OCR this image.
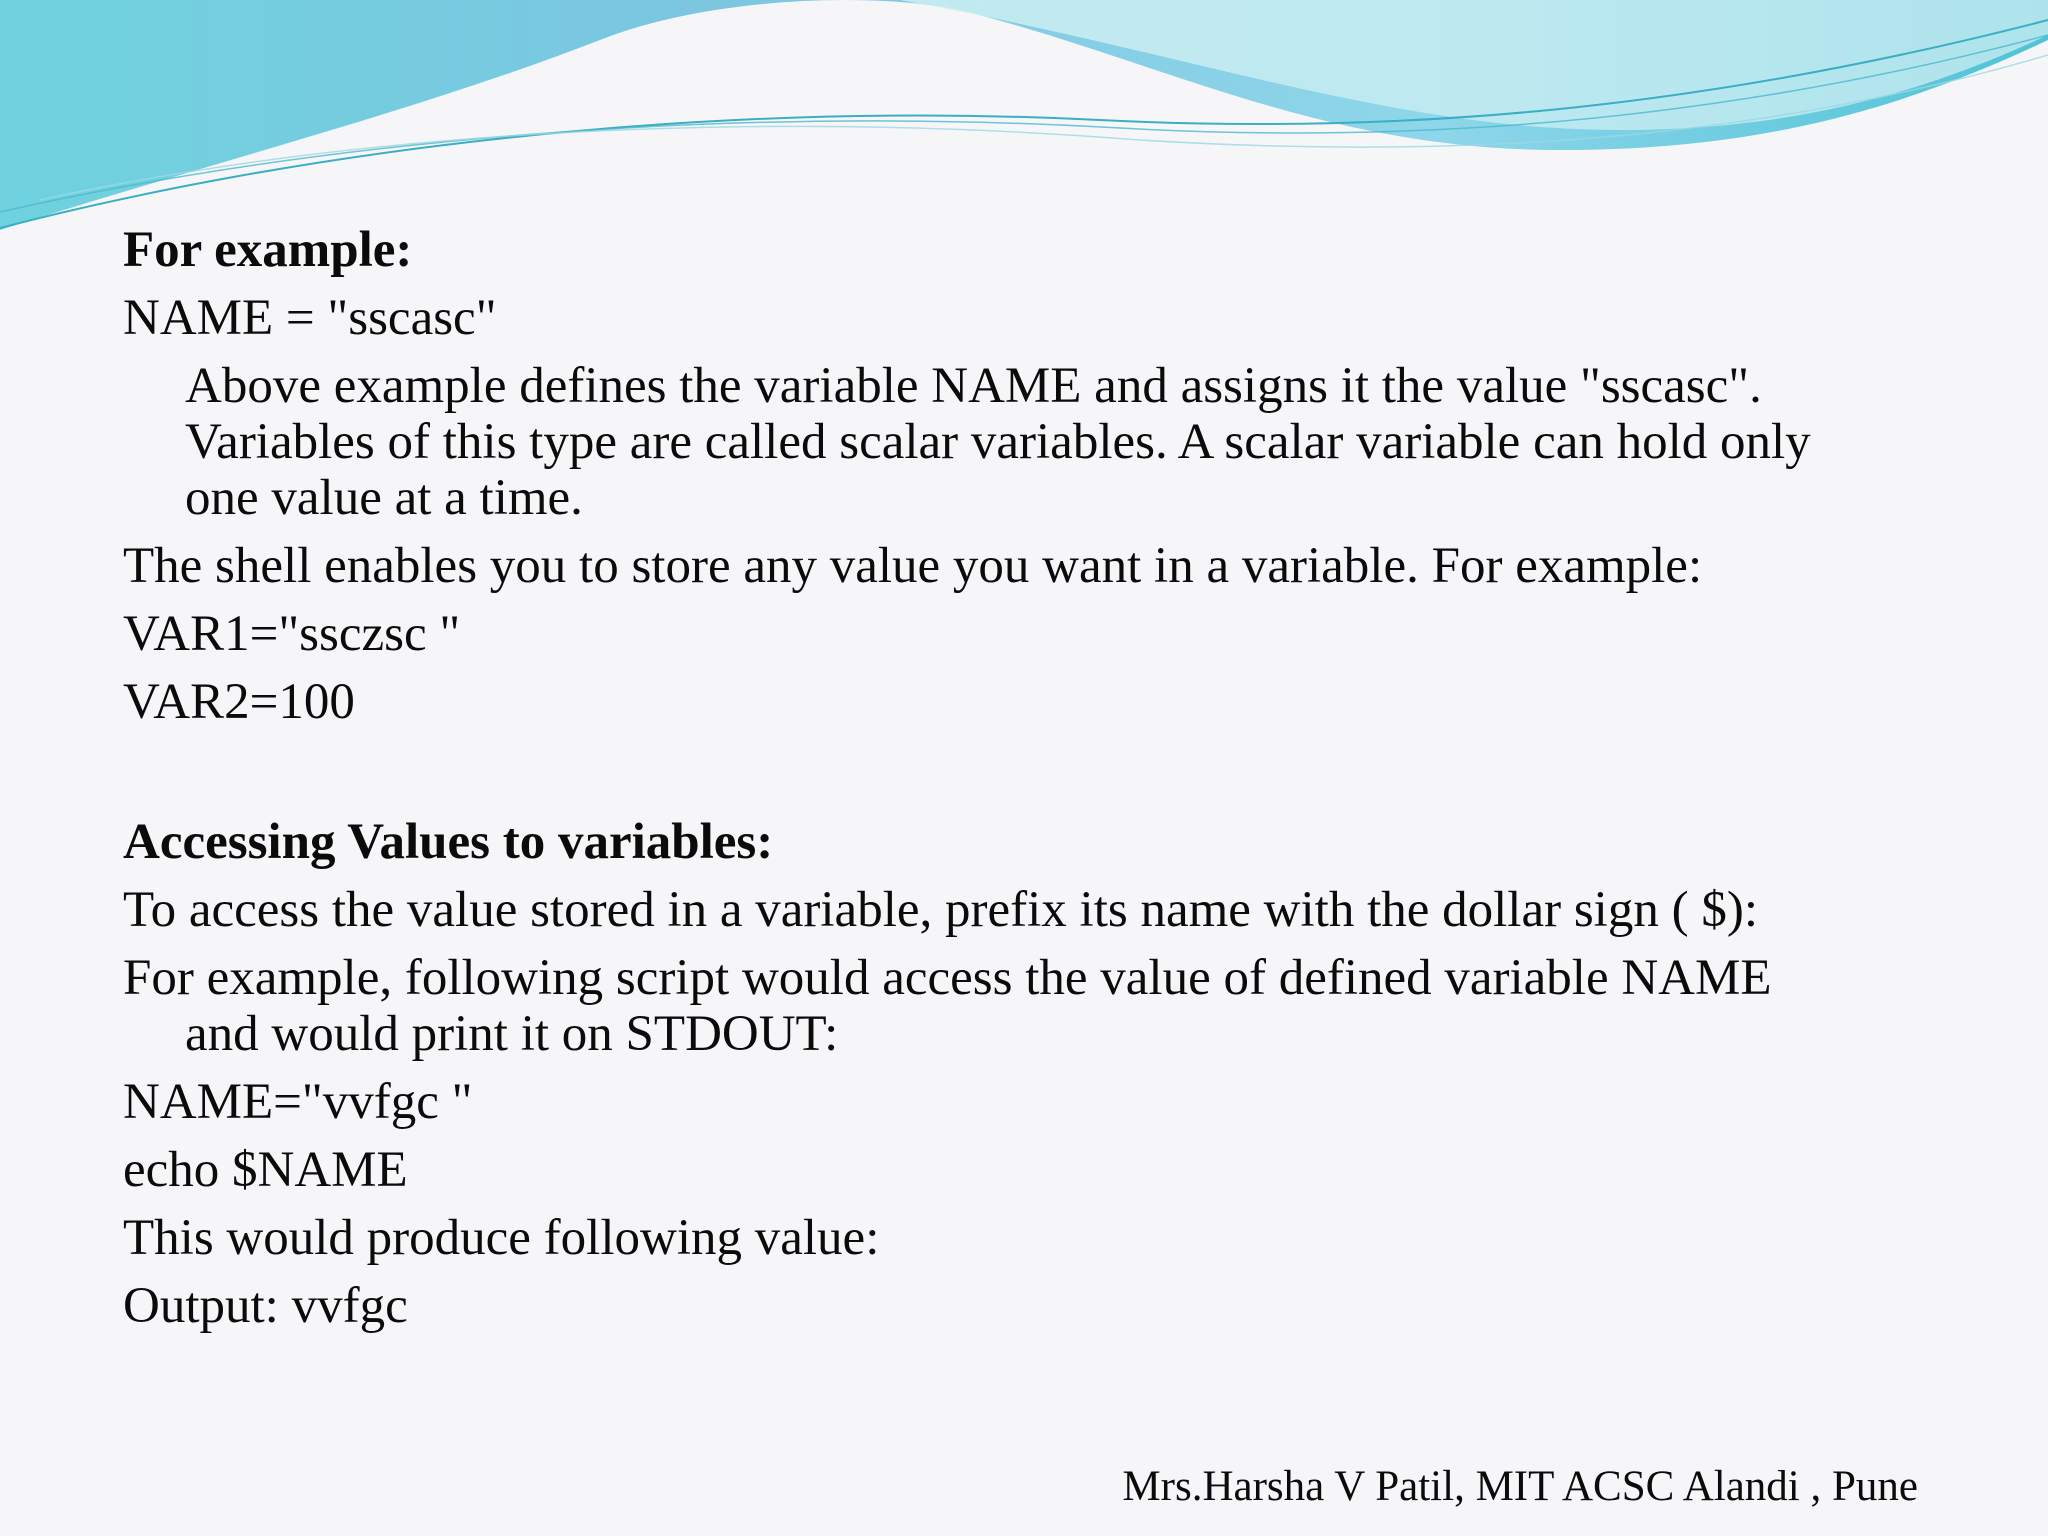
For example:
NAME = "sscasc"
Above example defines the variable NAME and assigns it the value "sscasc".
Variables of this type are called scalar variables. A scalar variable can hold only
one value at a time.
The shell enables you to store any value you want in a variable. For example:
VAR1="ssczsc "
VAR2=100
Accessing Values to variables:
To access the value stored in a variable, prefix its name with the dollar sign ( $):
For example, following script would access the value of defined variable NAME
and would print it on STDOUT:
NAME="vvfgc "
echo $NAME
This would produce following value:
Output: vvfgc
Mrs.Harsha V Patil, MIT ACSC Alandi , Pune
